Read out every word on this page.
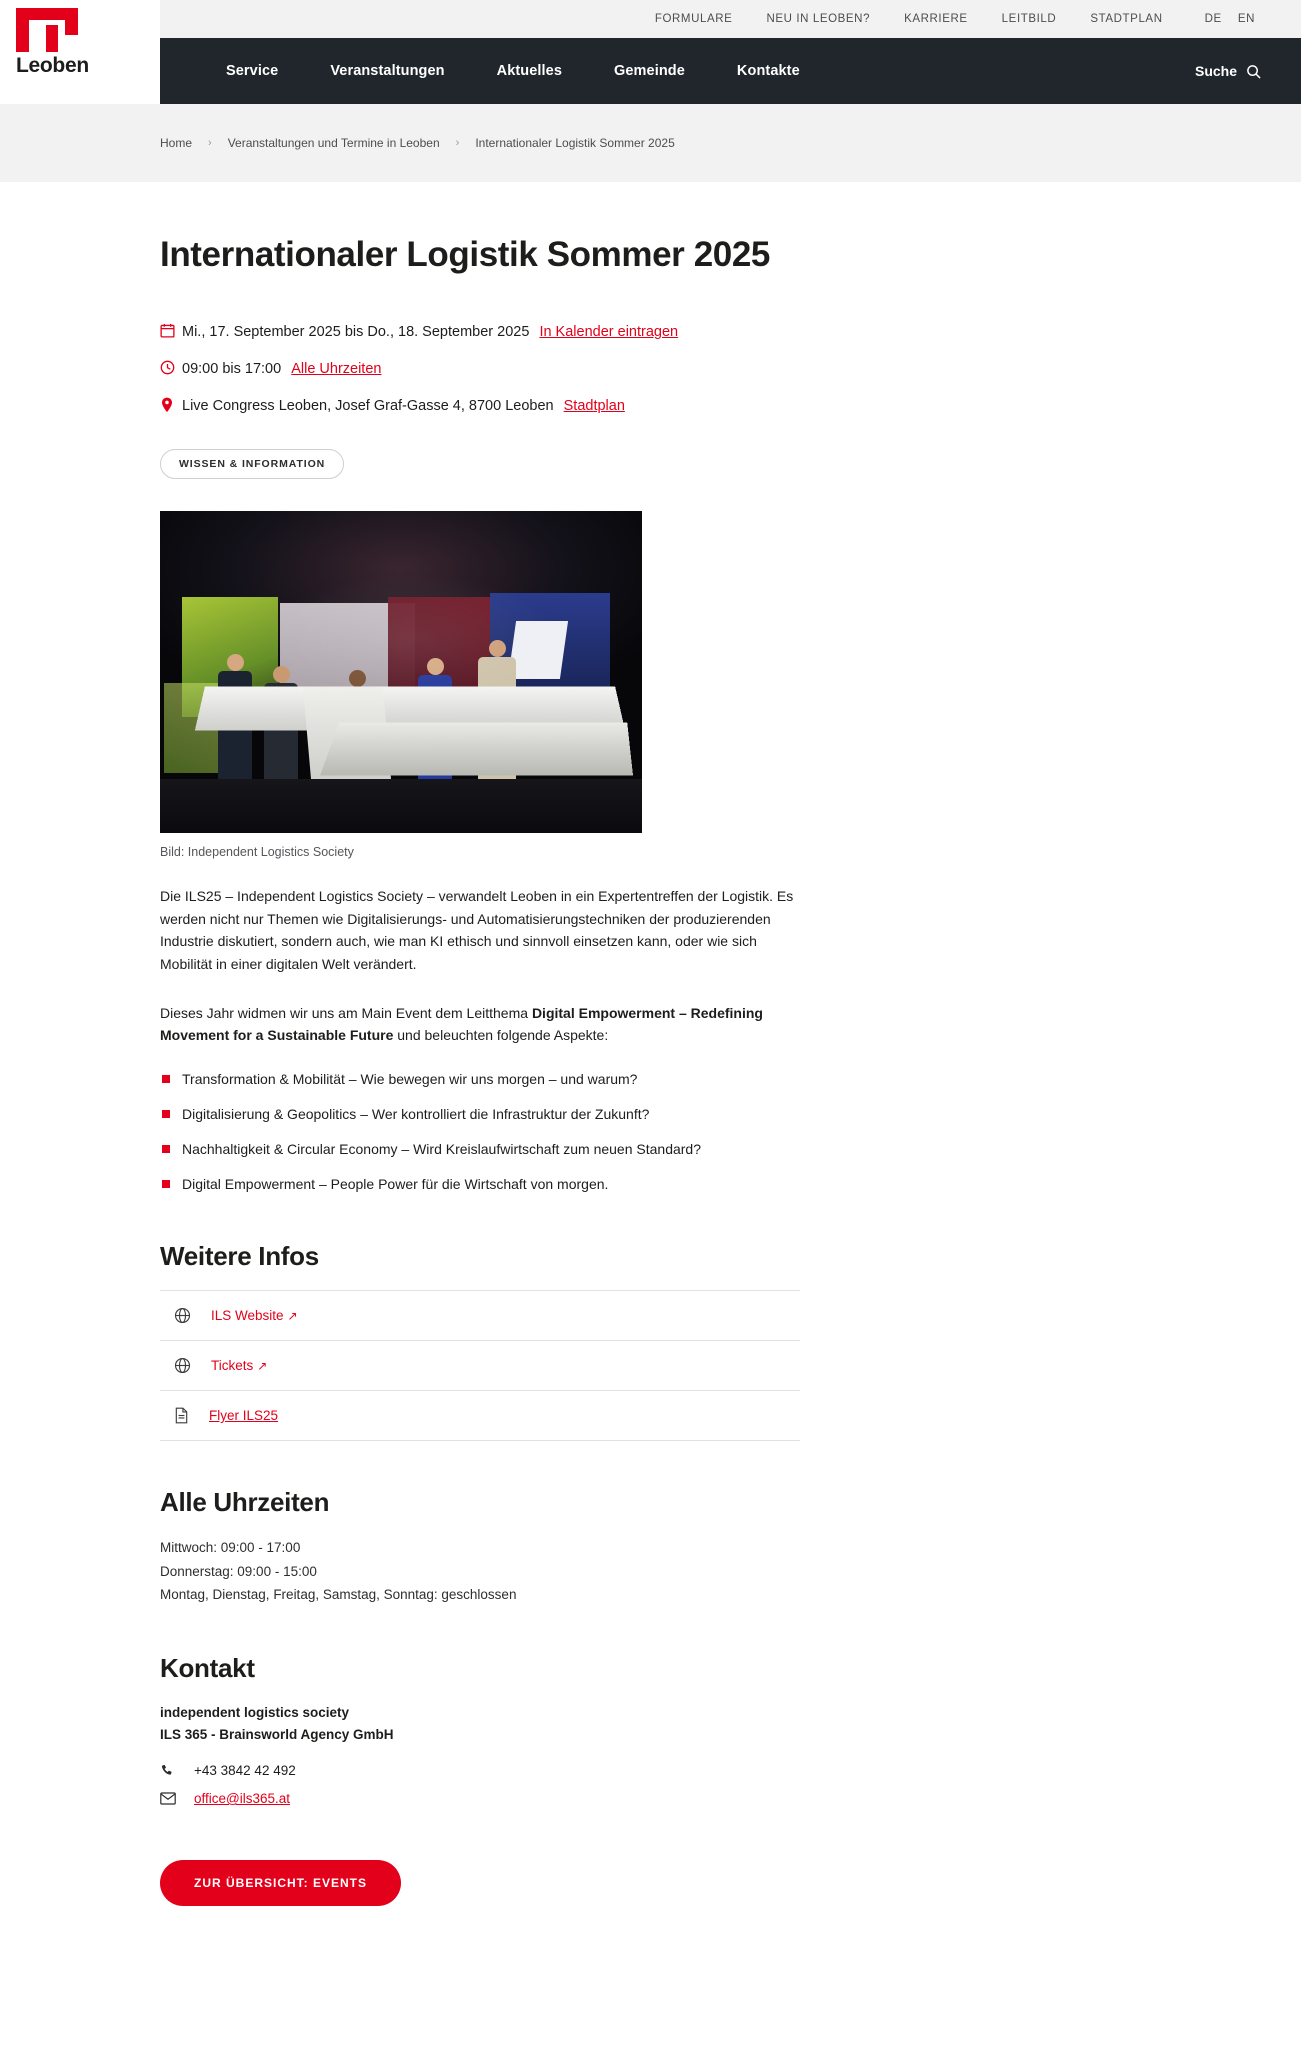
FORMULARE	NEU IN LEOBEN?	KARRIERE	LEITBILD	STADTPLAN	DE EN
Leoben	Service	Veranstaltungen	Aktuelles	Gemeinde	Kontakte	Suche
Home › Veranstaltungen und Termine in Leoben › Internationaler Logistik Sommer 2025
Internationaler Logistik Sommer 2025
Mi., 17. September 2025 bis Do., 18. September 2025 In Kalender eintragen
09:00 bis 17:00 Alle Uhrzeiten
Live Congress Leoben, Josef Graf-Gasse 4, 8700 Leoben Stadtplan
WISSEN & INFORMATION
Bild: Independent Logistics Society

Die ILS25 – Independent Logistics Society – verwandelt Leoben in ein Expertentreffen der Logistik. Es werden nicht nur Themen wie Digitalisierungs- und Automatisierungstechniken der produzierenden Industrie diskutiert, sondern auch, wie man KI ethisch und sinnvoll einsetzen kann, oder wie sich Mobilität in einer digitalen Welt verändert.

Dieses Jahr widmen wir uns am Main Event dem Leitthema Digital Empowerment – Redefining Movement for a Sustainable Future und beleuchten folgende Aspekte:

Transformation & Mobilität – Wie bewegen wir uns morgen – und warum?
Digitalisierung & Geopolitics – Wer kontrolliert die Infrastruktur der Zukunft?
Nachhaltigkeit & Circular Economy – Wird Kreislaufwirtschaft zum neuen Standard?
Digital Empowerment – People Power für die Wirtschaft von morgen.
Weitere Infos
ILS Website ↗
Tickets ↗
Flyer ILS25
Alle Uhrzeiten
Mittwoch: 09:00 - 17:00
Donnerstag: 09:00 - 15:00
Montag, Dienstag, Freitag, Samstag, Sonntag: geschlossen
Kontakt
independent logistics society
ILS 365 - Brainsworld Agency GmbH
+43 3842 42 492
office@ils365.at
ZUR ÜBERSICHT: EVENTS
